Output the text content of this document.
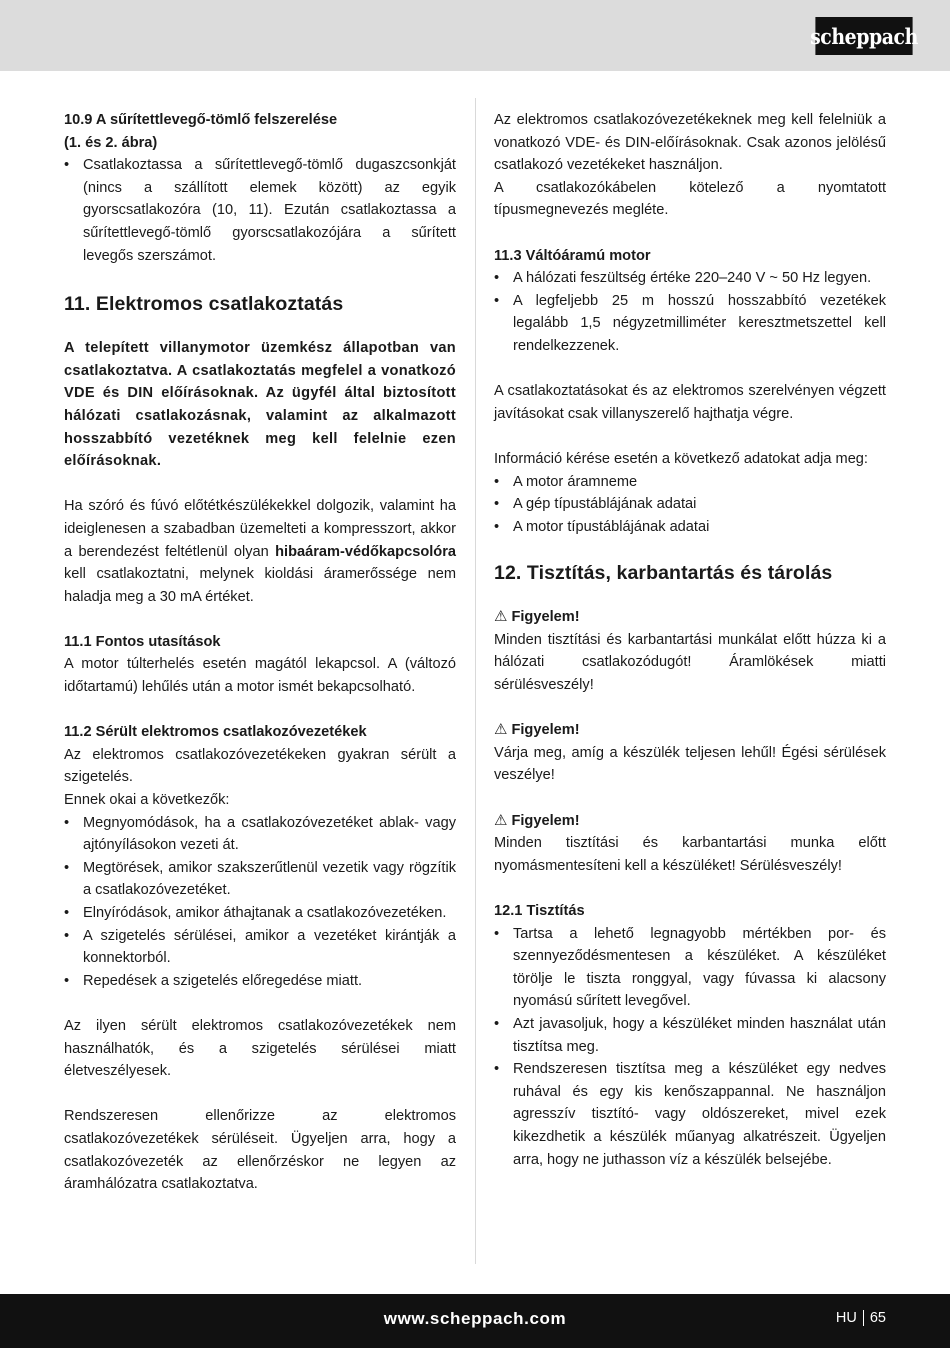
scheppach

10.9 A sűrítettlevegő-tömlő felszerelése

(1. és 2. ábra)

• Csatlakoztassa a sűrítettlevegő-tömlő dugaszcsonkját (nincs a szállított elemek között) az egyik gyorscsatlakozóra (10, 11). Ezután csatlakoztassa a sűrítettlevegő-tömlő gyorscsatlakozójára a sűrített levegős szerszámot.
11. Elektromos csatlakoztatás

A telepített villanymotor üzemkész állapotban van csatlakoztatva. A csatlakoztatás megfelel a vonatkozó VDE és DIN előírásoknak. Az ügyfél által biztosított hálózati csatlakozásnak, valamint az alkalmazott hosszabbító vezetéknek meg kell felelnie ezen előírásoknak.

Ha szóró és fúvó előtétkészülékekkel dolgozik, valamint ha ideiglenesen a szabadban üzemelteti a kompresszort, akkor a berendezést feltétlenül olyan hibaáram-védőkapcsolóra kell csatlakoztatni, melynek kioldási áramerőssége nem haladja meg a 30 mA értéket.

11.1 Fontos utasítások

A motor túlterhelés esetén magától lekapcsol. A (változó időtartamú) lehűlés után a motor ismét bekapcsolható.

11.2 Sérült elektromos csatlakozóvezetékek

Az elektromos csatlakozóvezetékeken gyakran sérült a szigetelés.

Ennek okai a következők:

• Megnyomódások, ha a csatlakozóvezetéket ablak- vagy ajtónyílásokon vezeti át.
• Megtörések, amikor szakszerűtlenül vezetik vagy rögzítik a csatlakozóvezetéket.
• Elnyíródások, amikor áthajtanak a csatlakozóvezetéken.
• A szigetelés sérülései, amikor a vezetéket kirántják a konnektorból.
• Repedések a szigetelés előregedése miatt.

Az ilyen sérült elektromos csatlakozóvezetékek nem használhatók, és a szigetelés sérülései miatt életveszélyesek.

Rendszeresen ellenőrizze az elektromos csatlakozóvezetékek sérüléseit. Ügyeljen arra, hogy a csatlakozóvezeték az ellenőrzéskor ne legyen az áramhálózatra csatlakoztatva.

Az elektromos csatlakozóvezetékeknek meg kell felelniük a vonatkozó VDE- és DIN-előírásoknak. Csak azonos jelölésű csatlakozó vezetékeket használjon.

A csatlakozókábelen kötelező a nyomtatott típusmegnevezés megléte.

11.3 Váltóáramú motor

• A hálózati feszültség értéke 220–240 V ~ 50 Hz legyen.
• A legfeljebb 25 m hosszú hosszabbító vezetékek legalább 1,5 négyzetmilliméter keresztmetszettel kell rendelkezzenek.

A csatlakoztatásokat és az elektromos szerelvényen végzett javításokat csak villanyszerelő hajthatja végre.

Információ kérése esetén a következő adatokat adja meg:

• A motor áramneme
• A gép típustáblájának adatai
• A motor típustáblájának adatai
12. Tisztítás, karbantartás és tárolás

⚠ Figyelem!

Minden tisztítási és karbantartási munkálat előtt húzza ki a hálózati csatlakozódugót! Áramlökések miatti sérülésveszély!

⚠ Figyelem!

Várja meg, amíg a készülék teljesen lehűl! Égési sérülések veszélye!

⚠ Figyelem!

Minden tisztítási és karbantartási munka előtt nyomásmentesíteni kell a készüléket! Sérülésveszély!

12.1 Tisztítás

• Tartsa a lehető legnagyobb mértékben por- és szennyeződésmentesen a készüléket. A készüléket törölje le tiszta ronggyal, vagy fúvassa ki alacsony nyomású sűrített levegővel.
• Azt javasoljuk, hogy a készüléket minden használat után tisztítsa meg.
• Rendszeresen tisztítsa meg a készüléket egy nedves ruhával és egy kis kenőszappannal. Ne használjon agresszív tisztító- vagy oldószereket, mivel ezek kikezdhetik a készülék műanyag alkatrészeit. Ügyeljen arra, hogy ne juthasson víz a készülék belsejébe.
www.scheppach.com	HU 65
